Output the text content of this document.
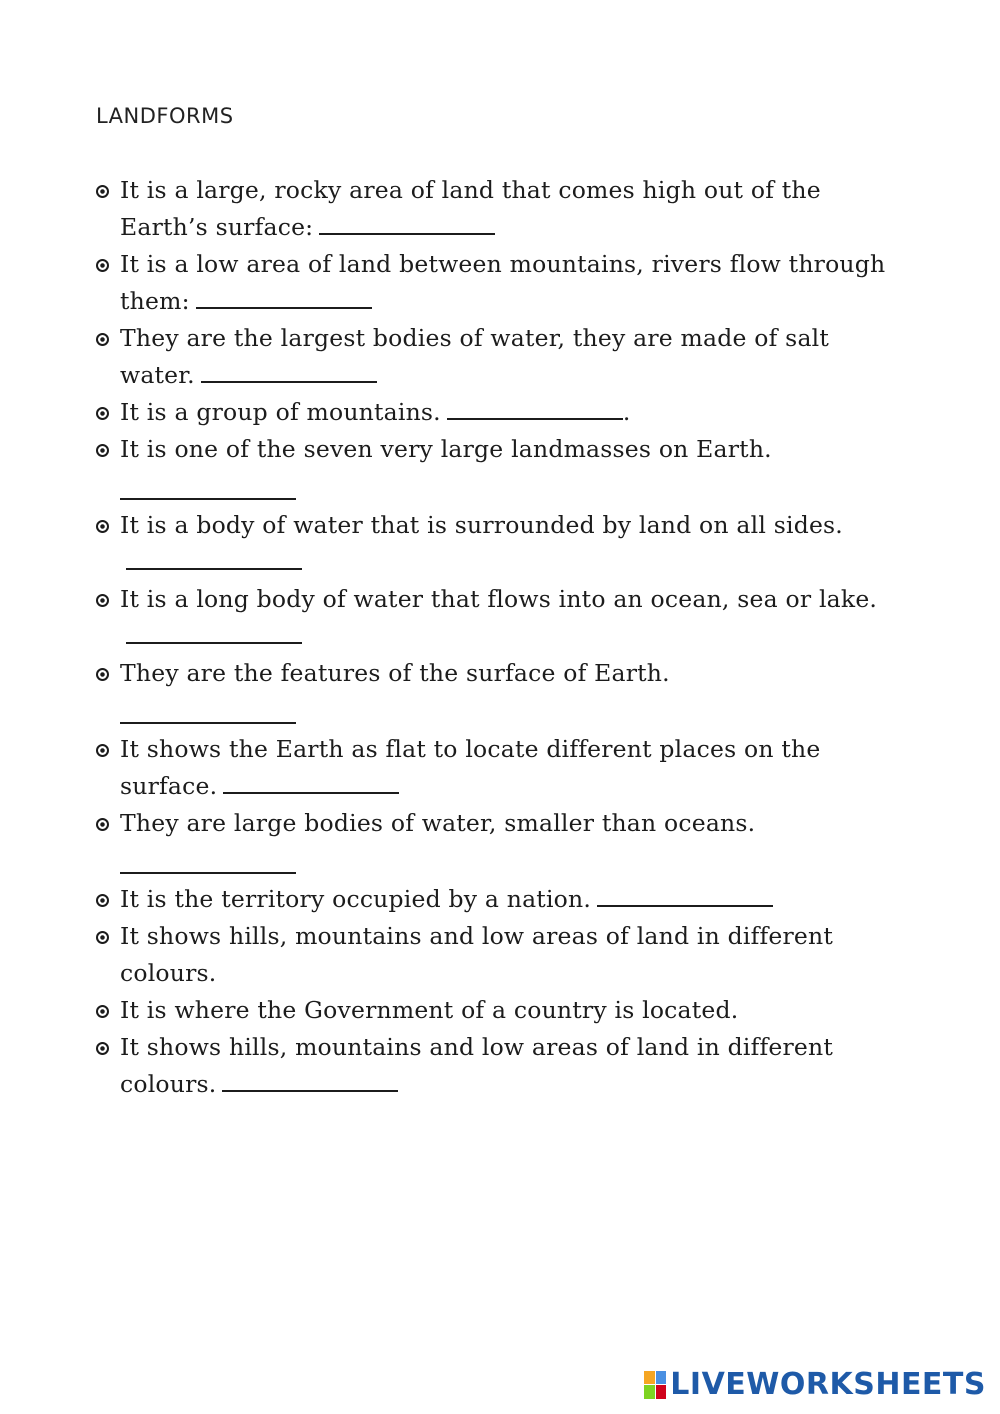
LANDFORMS
It is a large, rocky area of land that comes high out of the Earth’s surface:
It is a low area of land between mountains, rivers flow through them:
They are the largest bodies of water, they are made of salt water.
It is a group of mountains.	.
It is one of the seven very large landmasses on Earth.
It is a body of water that is surrounded by land on all sides.
It is a long body of water that flows into an ocean, sea or lake.
They are the features of the surface of Earth.
It shows the Earth as flat to locate different places on the surface.
They are large bodies of water, smaller than oceans.
It is the territory occupied by a nation.
It shows hills, mountains and low areas of land in different colours.
It is where the Government of a country is located.
It shows hills, mountains and low areas of land in different colours.
LIVEWORKSHEETS
